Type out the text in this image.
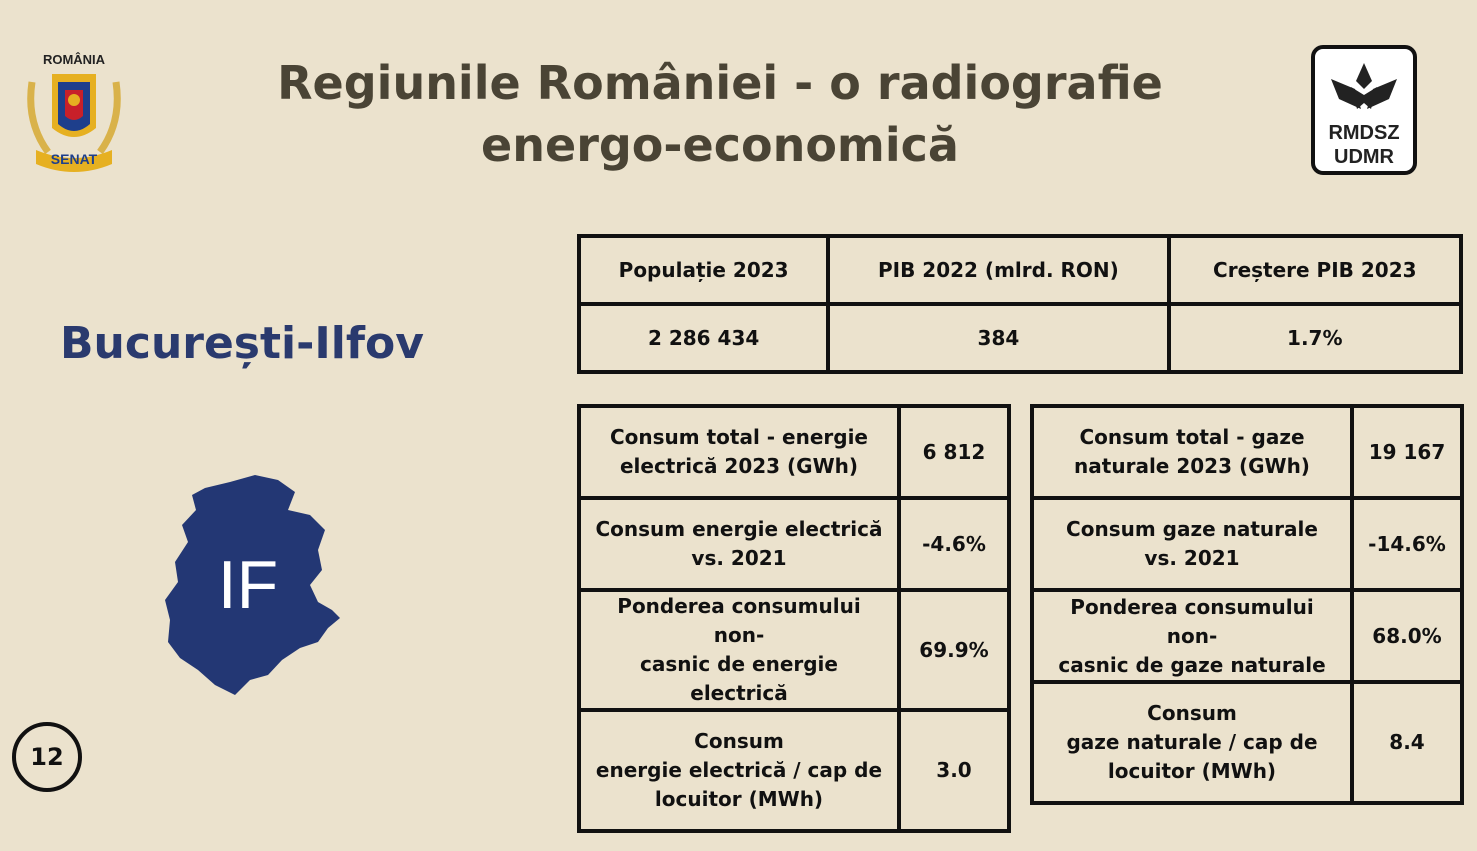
ROMÂNIA
SENAT
Regiunile României - o radiografie
energo-economică	RMDSZ
UDMR
București-Ilfov
IF
12
Populație 2023	PIB 2022 (mlrd. RON)	Creștere PIB 2023
2 286 434	384	1.7%
Consum total - energie
electrică 2023 (GWh)	6 812

Consum energie electrică
vs. 2021	-4.6%

Ponderea consumului non-
casnic de energie electrică	69.9%

Consum
energie electrică / cap de
locuitor (MWh)	3.0
Consum total - gaze
naturale 2023 (GWh)	19 167

Consum gaze naturale
vs. 2021	-14.6%

Ponderea consumului non-
casnic de gaze naturale	68.0%

Consum
gaze naturale / cap de
locuitor (MWh)	8.4
